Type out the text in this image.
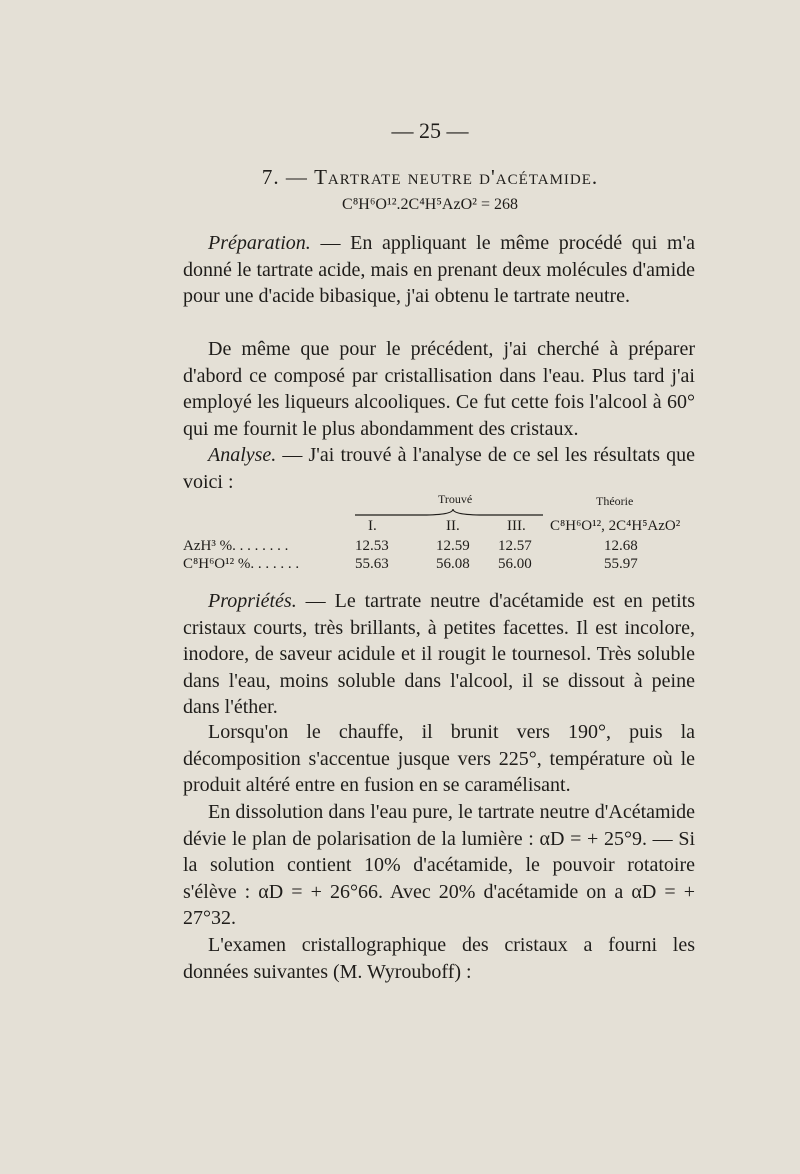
— 25 —
7. — Tartrate neutre d'acétamide.
C⁸H⁶O¹².2C⁴H⁵AzO² = 268
Préparation. — En appliquant le même procédé qui m'a donné le tartrate acide, mais en prenant deux molécules d'amide pour une d'acide bibasique, j'ai obtenu le tartrate neutre.
De même que pour le précédent, j'ai cherché à préparer d'abord ce composé par cristallisation dans l'eau. Plus tard j'ai employé les liqueurs alcooliques. Ce fut cette fois l'alcool à 60° qui me fournit le plus abondamment des cristaux.
Analyse. — J'ai trouvé à l'analyse de ce sel les résultats que voici :
Trouvé	Théorie
I.	II.	III. C⁸H⁶O¹², 2C⁴H⁵AzO²
AzH³ %. . . . . . . .	12.53	12.59 12.57	12.68
C⁸H⁶O¹² %. . . . . . .	55.63	56.08 56.00	55.97
Propriétés. — Le tartrate neutre d'acétamide est en petits cristaux courts, très brillants, à petites facettes. Il est incolore, inodore, de saveur acidule et il rougit le tournesol. Très soluble dans l'eau, moins soluble dans l'alcool, il se dissout à peine dans l'éther.
Lorsqu'on le chauffe, il brunit vers 190°, puis la décomposition s'accentue jusque vers 225°, température où le produit altéré entre en fusion en se caramélisant.
En dissolution dans l'eau pure, le tartrate neutre d'Acétamide dévie le plan de polarisation de la lumière : αD = + 25°9. — Si la solution contient 10% d'acétamide, le pouvoir rotatoire s'élève : αD = + 26°66. Avec 20% d'acétamide on a αD = + 27°32.
L'examen cristallographique des cristaux a fourni les données suivantes (M. Wyrouboff) :
